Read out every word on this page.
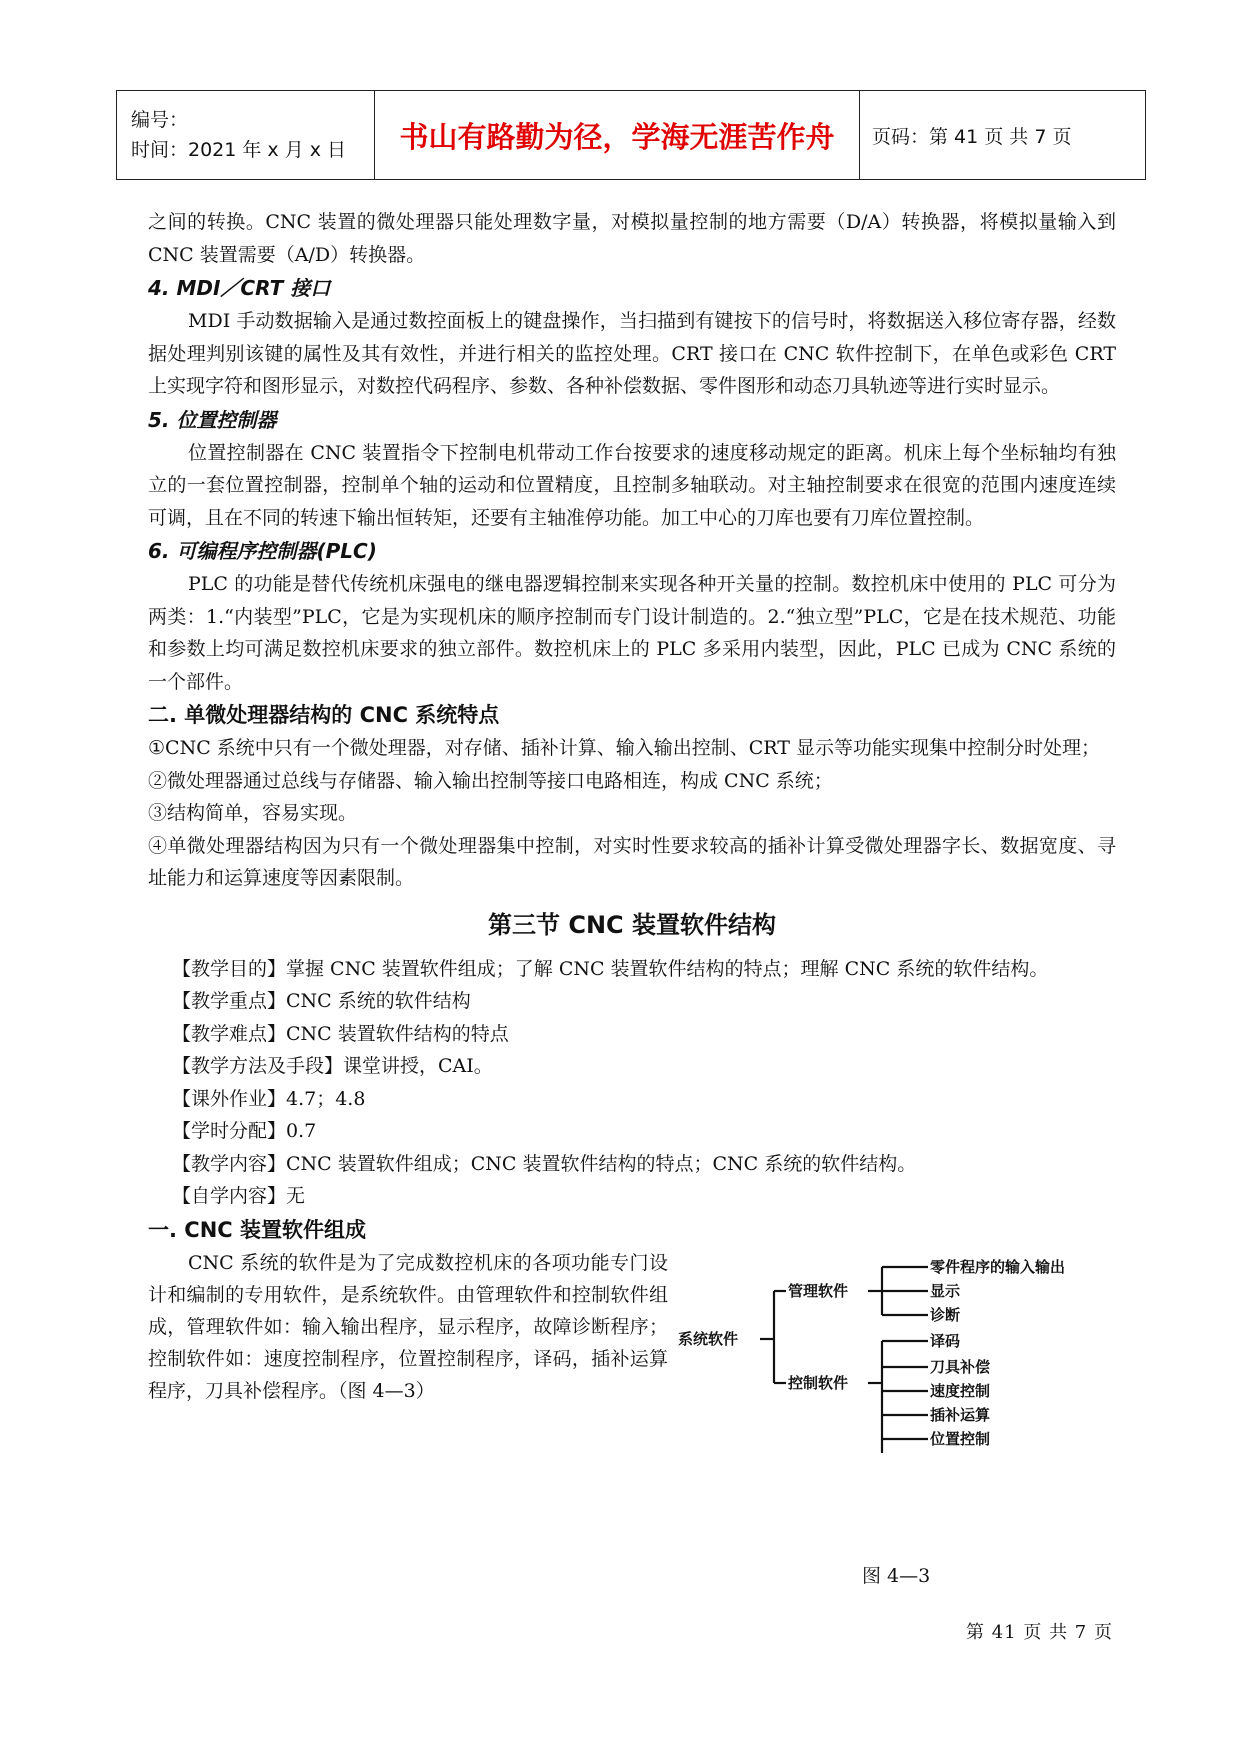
编号：
时间：2021 年 x 月 x 日	书山有路勤为径，学海无涯苦作舟	页码：第 41 页 共 7 页

之间的转换。CNC 装置的微处理器只能处理数字量，对模拟量控制的地方需要（D/A）转换器，将模拟量输入到 CNC 装置需要（A/D）转换器。

4. MDI／CRT 接口

MDI 手动数据输入是通过数控面板上的键盘操作，当扫描到有键按下的信号时，将数据送入移位寄存器，经数据处理判别该键的属性及其有效性，并进行相关的监控处理。CRT 接口在 CNC 软件控制下，在单色或彩色 CRT 上实现字符和图形显示，对数控代码程序、参数、各种补偿数据、零件图形和动态刀具轨迹等进行实时显示。

5. 位置控制器

位置控制器在 CNC 装置指令下控制电机带动工作台按要求的速度移动规定的距离。机床上每个坐标轴均有独立的一套位置控制器，控制单个轴的运动和位置精度，且控制多轴联动。对主轴控制要求在很宽的范围内速度连续可调，且在不同的转速下输出恒转矩，还要有主轴准停功能。加工中心的刀库也要有刀库位置控制。

6. 可编程序控制器(PLC)

PLC 的功能是替代传统机床强电的继电器逻辑控制来实现各种开关量的控制。数控机床中使用的 PLC 可分为两类：1.“内装型”PLC，它是为实现机床的顺序控制而专门设计制造的。2.“独立型”PLC，它是在技术规范、功能和参数上均可满足数控机床要求的独立部件。数控机床上的 PLC 多采用内装型，因此，PLC 已成为 CNC 系统的一个部件。

二. 单微处理器结构的 CNC 系统特点

①CNC 系统中只有一个微处理器，对存储、插补计算、输入输出控制、CRT 显示等功能实现集中控制分时处理；

②微处理器通过总线与存储器、输入输出控制等接口电路相连，构成 CNC 系统；

③结构简单，容易实现。

④单微处理器结构因为只有一个微处理器集中控制，对实时性要求较高的插补计算受微处理器字长、数据宽度、寻址能力和运算速度等因素限制。

第三节 CNC 装置软件结构

【教学目的】掌握 CNC 装置软件组成；了解 CNC 装置软件结构的特点；理解 CNC 系统的软件结构。

【教学重点】CNC 系统的软件结构

【教学难点】CNC 装置软件结构的特点

【教学方法及手段】课堂讲授，CAI。

【课外作业】4.7；4.8

【学时分配】0.7

【教学内容】CNC 装置软件组成；CNC 装置软件结构的特点；CNC 系统的软件结构。

【自学内容】无

一. CNC 装置软件组成

CNC 系统的软件是为了完成数控机床的各项功能专门设计和编制的专用软件，是系统软件。由管理软件和控制软件组成，管理软件如：输入输出程序，显示程序，故障诊断程序；控制软件如：速度控制程序，位置控制程序，译码，插补运算程序，刀具补偿程序。（图 4—3）

系统软件
管理软件
控制软件
零件程序的输入输出
显示
诊断
译码
刀具补偿
速度控制
插补运算
位置控制
图 4—3
第 41 页 共 7 页
